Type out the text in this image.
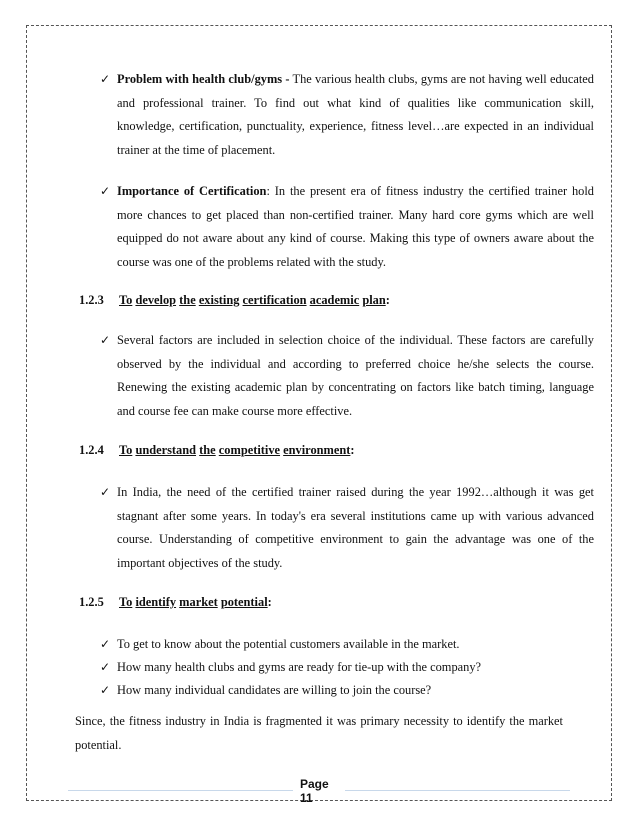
✓ Problem with health club/gyms - The various health clubs, gyms are not having well educated and professional trainer. To find out what kind of qualities like communication skill, knowledge, certification, punctuality, experience, fitness level…are expected in an individual trainer at the time of placement.
✓ Importance of Certification: In the present era of fitness industry the certified trainer hold more chances to get placed than non-certified trainer. Many hard core gyms which are well equipped do not aware about any kind of course. Making this type of owners aware about the course was one of the problems related with the study.
1.2.3 To develop the existing certification academic plan:
✓ Several factors are included in selection choice of the individual. These factors are carefully observed by the individual and according to preferred choice he/she selects the course. Renewing the existing academic plan by concentrating on factors like batch timing, language and course fee can make course more effective.
1.2.4 To understand the competitive environment:
✓ In India, the need of the certified trainer raised during the year 1992…although it was get stagnant after some years. In today's era several institutions came up with various advanced course. Understanding of competitive environment to gain the advantage was one of the important objectives of the study.
1.2.5 To identify market potential:
✓ To get to know about the potential customers available in the market.
✓ How many health clubs and gyms are ready for tie-up with the company?
✓ How many individual candidates are willing to join the course?
Since, the fitness industry in India is fragmented it was primary necessity to identify the market potential.
Page
11
